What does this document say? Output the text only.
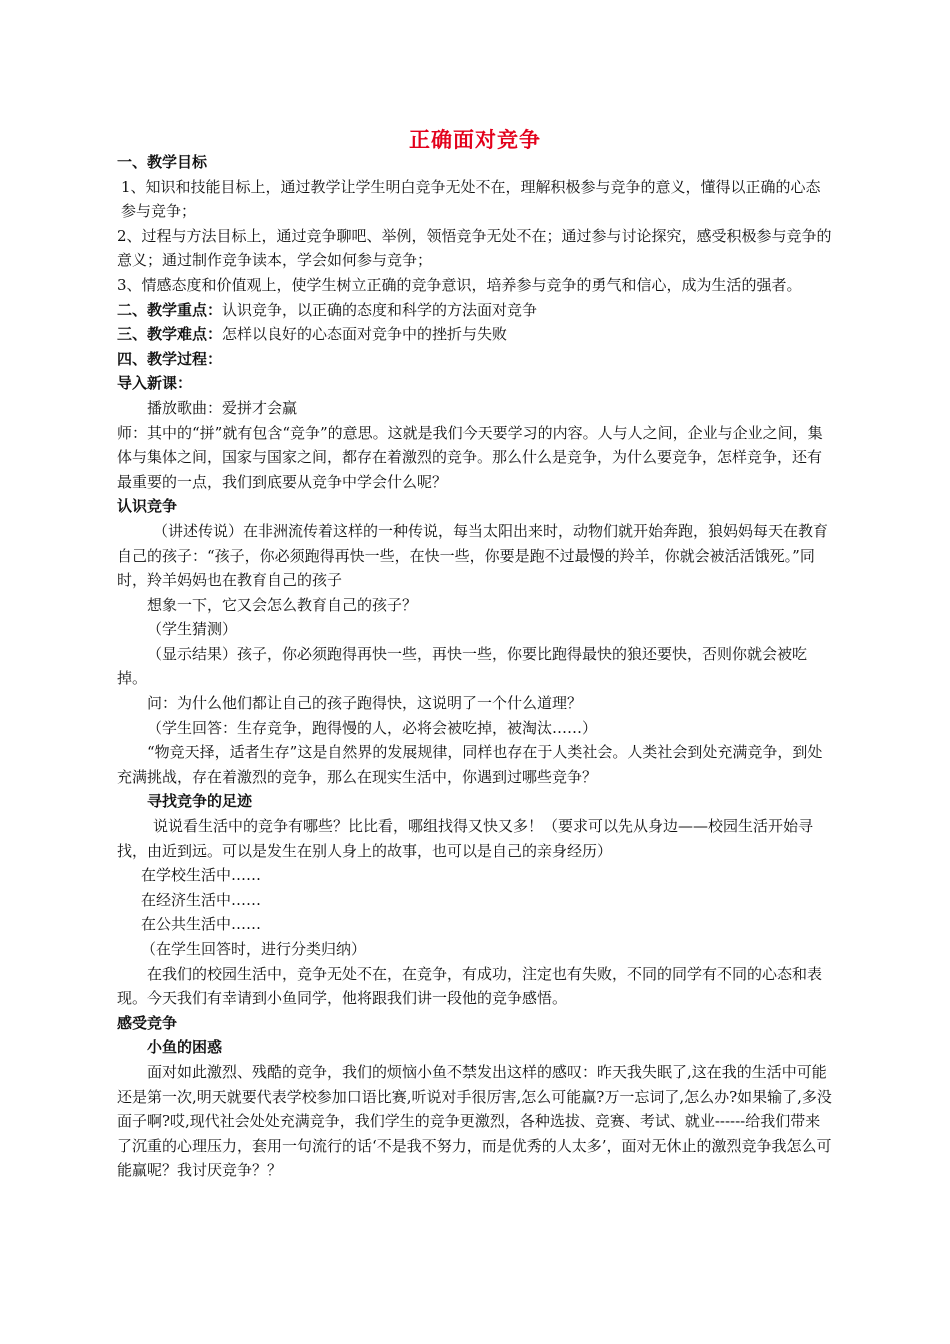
正确面对竞争

一、教学目标

1、知识和技能目标上，通过教学让学生明白竞争无处不在，理解积极参与竞争的意义，懂得以正确的心态参与竞争；

2、过程与方法目标上，通过竞争聊吧、举例，领悟竞争无处不在；通过参与讨论探究，感受积极参与竞争的意义；通过制作竞争读本，学会如何参与竞争；

3、情感态度和价值观上，使学生树立正确的竞争意识，培养参与竞争的勇气和信心，成为生活的强者。

二、教学重点：认识竞争，以正确的态度和科学的方法面对竞争

三、教学难点：怎样以良好的心态面对竞争中的挫折与失败

四、教学过程：

导入新课：

播放歌曲：爱拼才会赢

师：其中的“拼”就有包含“竞争”的意思。这就是我们今天要学习的内容。人与人之间，企业与企业之间，集体与集体之间，国家与国家之间，都存在着激烈的竞争。那么什么是竞争，为什么要竞争，怎样竞争，还有最重要的一点，我们到底要从竞争中学会什么呢？

认识竞争

（讲述传说）在非洲流传着这样的一种传说，每当太阳出来时，动物们就开始奔跑，狼妈妈每天在教育自己的孩子：“孩子，你必须跑得再快一些，在快一些，你要是跑不过最慢的羚羊，你就会被活活饿死。”同时，羚羊妈妈也在教育自己的孩子

想象一下，它又会怎么教育自己的孩子？

（学生猜测）

（显示结果）孩子，你必须跑得再快一些，再快一些，你要比跑得最快的狼还要快，否则你就会被吃掉。

问：为什么他们都让自己的孩子跑得快，这说明了一个什么道理？

（学生回答：生存竞争，跑得慢的人，必将会被吃掉，被淘汰……）

“物竞天择，适者生存”这是自然界的发展规律，同样也存在于人类社会。人类社会到处充满竞争，到处充满挑战，存在着激烈的竞争，那么在现实生活中，你遇到过哪些竞争？

寻找竞争的足迹

说说看生活中的竞争有哪些？比比看，哪组找得又快又多！（要求可以先从身边——校园生活开始寻找，由近到远。可以是发生在别人身上的故事，也可以是自己的亲身经历）

在学校生活中……

在经济生活中……

在公共生活中……

（在学生回答时，进行分类归纳）

在我们的校园生活中，竞争无处不在，在竞争，有成功，注定也有失败，不同的同学有不同的心态和表现。今天我们有幸请到小鱼同学，他将跟我们讲一段他的竞争感悟。

感受竞争

小鱼的困惑

面对如此激烈、残酷的竞争，我们的烦恼小鱼不禁发出这样的感叹：昨天我失眠了,这在我的生活中可能还是第一次,明天就要代表学校参加口语比赛,听说对手很厉害,怎么可能赢?万一忘词了,怎么办?如果输了,多没面子啊?哎,现代社会处处充满竞争，我们学生的竞争更激烈，各种选拔、竞赛、考试、就业------给我们带来了沉重的心理压力，套用一句流行的话‘不是我不努力，而是优秀的人太多’，面对无休止的激烈竞争我怎么可能赢呢？我讨厌竞争？？
